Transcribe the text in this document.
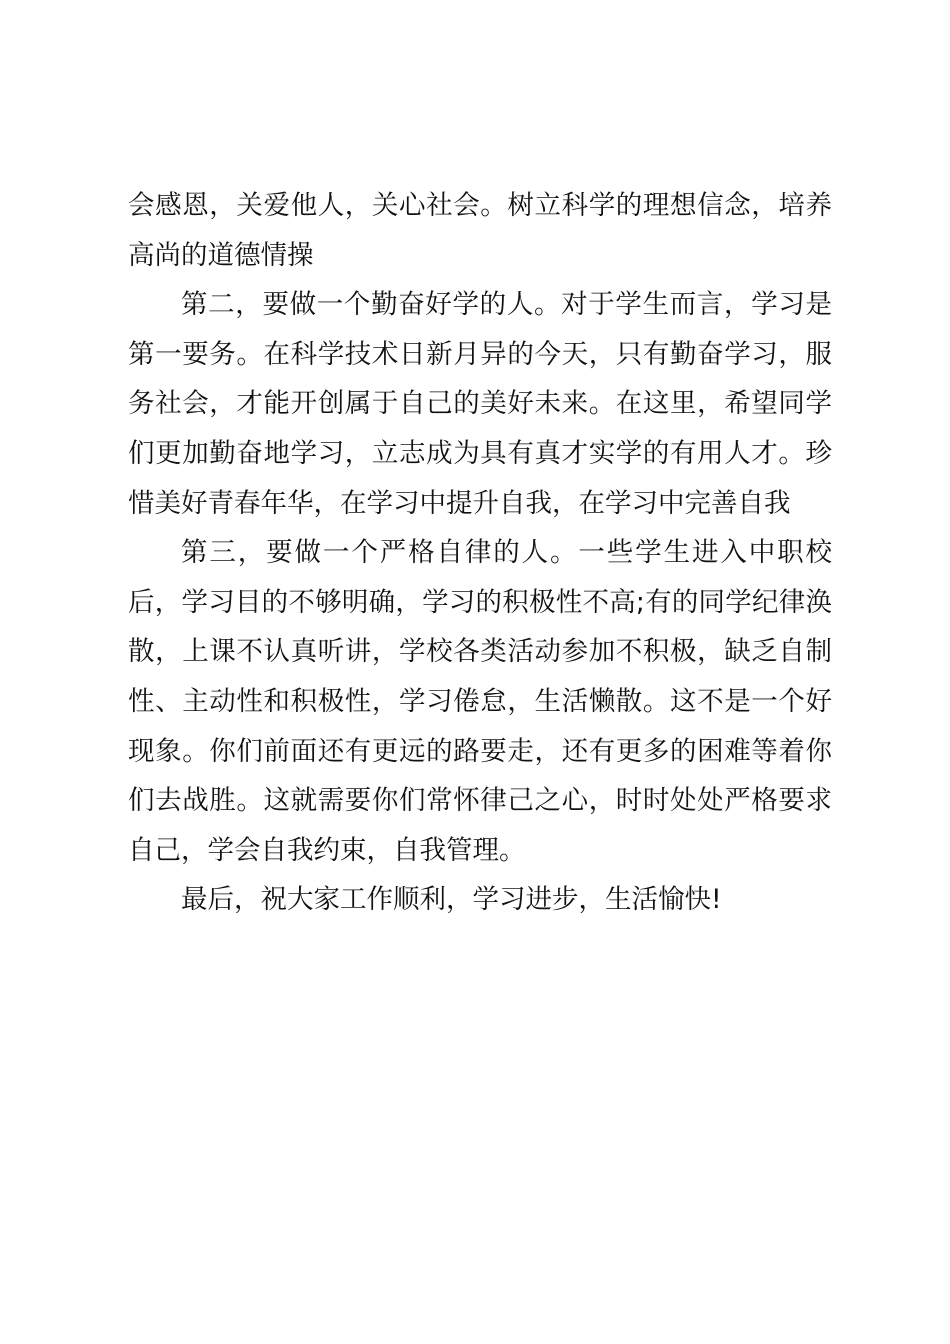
会感恩，关爱他人，关心社会。树立科学的理想信念，培养高尚的道德情操

第二，要做一个勤奋好学的人。对于学生而言，学习是第一要务。在科学技术日新月异的今天，只有勤奋学习，服务社会，才能开创属于自己的美好未来。在这里，希望同学们更加勤奋地学习，立志成为具有真才实学的有用人才。珍惜美好青春年华，在学习中提升自我，在学习中完善自我

第三，要做一个严格自律的人。一些学生进入中职校后，学习目的不够明确，学习的积极性不高;有的同学纪律涣散，上课不认真听讲，学校各类活动参加不积极，缺乏自制性、主动性和积极性，学习倦怠，生活懒散。这不是一个好现象。你们前面还有更远的路要走，还有更多的困难等着你们去战胜。这就需要你们常怀律己之心，时时处处严格要求自己，学会自我约束，自我管理。

最后，祝大家工作顺利，学习进步，生活愉快!
